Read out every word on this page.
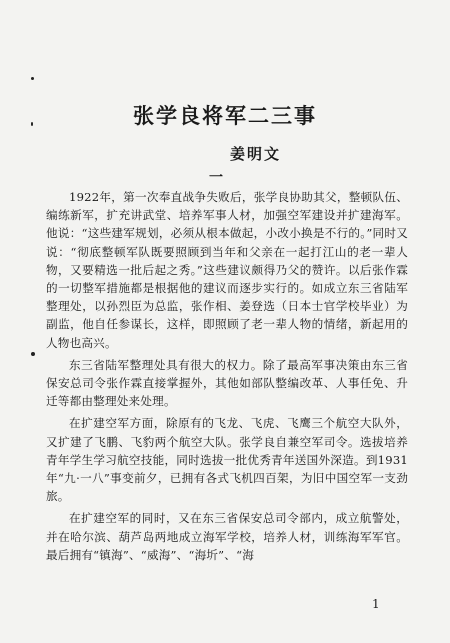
张学良将军二三事
姜明文
一

1922年，第一次奉直战争失败后，张学良协助其父，整顿队伍、编练新军，扩充讲武堂、培养军事人材，加强空军建设并扩建海军。他说：“这些建军规划，必须从根本做起，小改小换是不行的。”同时又说：“彻底整顿军队既要照顾到当年和父亲在一起打江山的老一辈人物，又要精选一批后起之秀。”这些建议颇得乃父的赞许。以后张作霖的一切整军措施都是根据他的建议而逐步实行的。如成立东三省陆军整理处，以孙烈臣为总监，张作相、姜登选（日本士官学校毕业）为副监，他自任参谋长，这样，即照顾了老一辈人物的情绪，新起用的人物也高兴。

东三省陆军整理处具有很大的权力。除了最高军事决策由东三省保安总司令张作霖直接掌握外，其他如部队整编改革、人事任免、升迁等都由整理处来处理。

在扩建空军方面，除原有的飞龙、飞虎、飞鹰三个航空大队外，又扩建了飞鹏、飞豹两个航空大队。张学良自兼空军司令。选拔培养青年学生学习航空技能，同时选拔一批优秀青年送国外深造。到1931年“九·一八”事变前夕，已拥有各式飞机四百架，为旧中国空军一支劲旅。

在扩建空军的同时，又在东三省保安总司令部内，成立航警处，并在哈尔滨、葫芦岛两地成立海军学校，培养人材，训练海军军官。最后拥有“镇海”、“威海”、“海圻”、“海

1
